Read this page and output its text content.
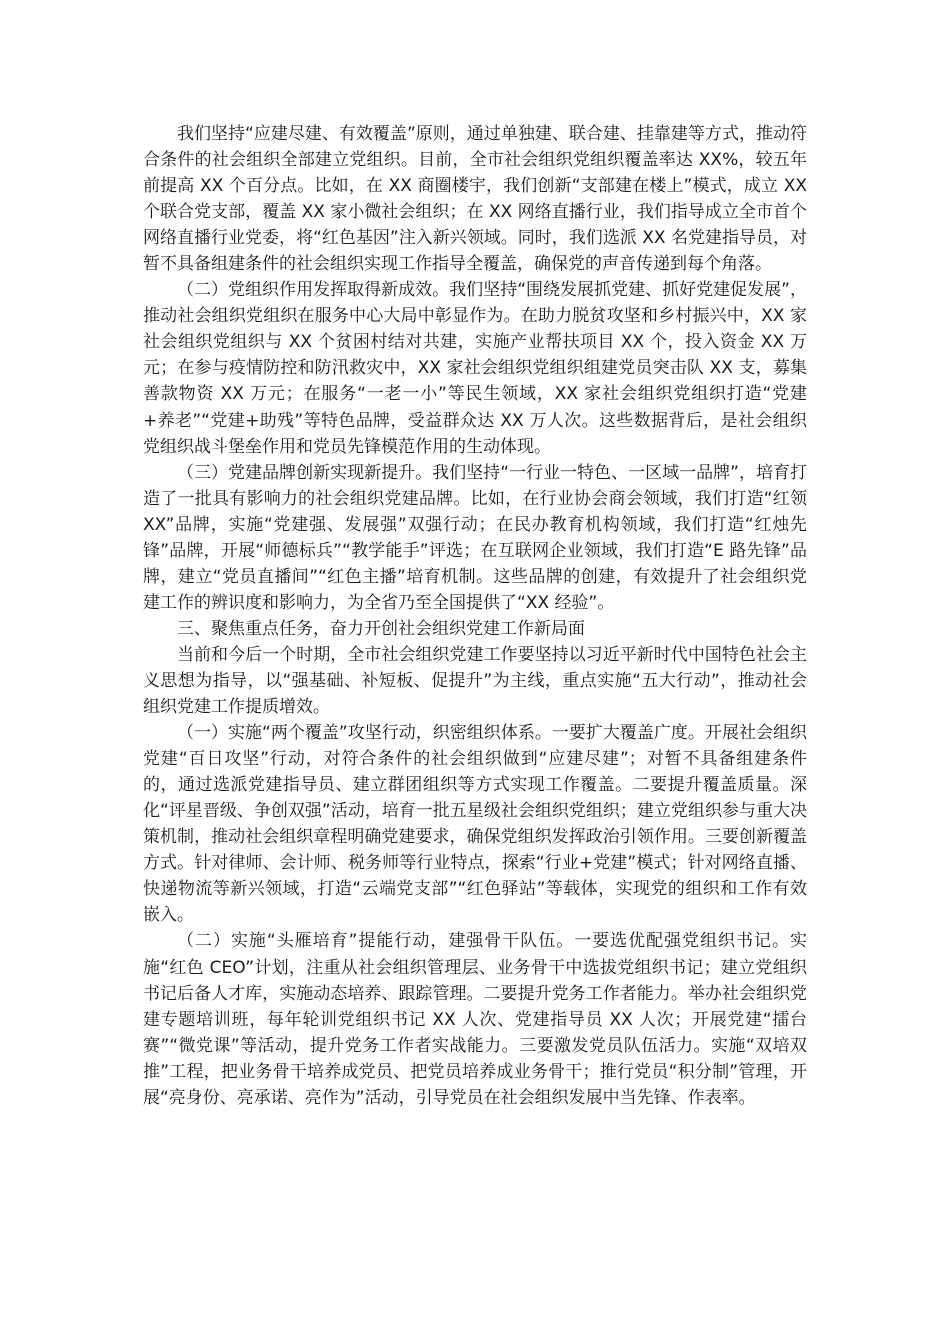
我们坚持“应建尽建、有效覆盖”原则，通过单独建、联合建、挂靠建等方式，推动符合条件的社会组织全部建立党组织。目前，全市社会组织党组织覆盖率达 XX%，较五年前提高 XX 个百分点。比如，在 XX 商圈楼宇，我们创新“支部建在楼上”模式，成立 XX 个联合党支部，覆盖 XX 家小微社会组织；在 XX 网络直播行业，我们指导成立全市首个网络直播行业党委，将“红色基因”注入新兴领域。同时，我们选派 XX 名党建指导员，对暂不具备组建条件的社会组织实现工作指导全覆盖，确保党的声音传递到每个角落。

（二）党组织作用发挥取得新成效。我们坚持“围绕发展抓党建、抓好党建促发展”，推动社会组织党组织在服务中心大局中彰显作为。在助力脱贫攻坚和乡村振兴中，XX 家社会组织党组织与 XX 个贫困村结对共建，实施产业帮扶项目 XX 个，投入资金 XX 万元；在参与疫情防控和防汛救灾中，XX 家社会组织党组织组建党员突击队 XX 支，募集善款物资 XX 万元；在服务“一老一小”等民生领域，XX 家社会组织党组织打造“党建+养老”“党建+助残”等特色品牌，受益群众达 XX 万人次。这些数据背后，是社会组织党组织战斗堡垒作用和党员先锋模范作用的生动体现。

（三）党建品牌创新实现新提升。我们坚持“一行业一特色、一区域一品牌”，培育打造了一批具有影响力的社会组织党建品牌。比如，在行业协会商会领域，我们打造“红领 XX”品牌，实施“党建强、发展强”双强行动；在民办教育机构领域，我们打造“红烛先锋”品牌，开展“师德标兵”“教学能手”评选；在互联网企业领域，我们打造“E 路先锋”品牌，建立“党员直播间”“红色主播”培育机制。这些品牌的创建，有效提升了社会组织党建工作的辨识度和影响力，为全省乃至全国提供了“XX 经验”。

三、聚焦重点任务，奋力开创社会组织党建工作新局面

当前和今后一个时期，全市社会组织党建工作要坚持以习近平新时代中国特色社会主义思想为指导，以“强基础、补短板、促提升”为主线，重点实施“五大行动”，推动社会组织党建工作提质增效。

（一）实施“两个覆盖”攻坚行动，织密组织体系。一要扩大覆盖广度。开展社会组织党建“百日攻坚”行动，对符合条件的社会组织做到“应建尽建”；对暂不具备组建条件的，通过选派党建指导员、建立群团组织等方式实现工作覆盖。二要提升覆盖质量。深化“评星晋级、争创双强”活动，培育一批五星级社会组织党组织；建立党组织参与重大决策机制，推动社会组织章程明确党建要求，确保党组织发挥政治引领作用。三要创新覆盖方式。针对律师、会计师、税务师等行业特点，探索“行业+党建”模式；针对网络直播、快递物流等新兴领域，打造“云端党支部”“红色驿站”等载体，实现党的组织和工作有效嵌入。

（二）实施“头雁培育”提能行动，建强骨干队伍。一要选优配强党组织书记。实施“红色 CEO”计划，注重从社会组织管理层、业务骨干中选拔党组织书记；建立党组织书记后备人才库，实施动态培养、跟踪管理。二要提升党务工作者能力。举办社会组织党建专题培训班，每年轮训党组织书记 XX 人次、党建指导员 XX 人次；开展党建“擂台赛”“微党课”等活动，提升党务工作者实战能力。三要激发党员队伍活力。实施“双培双推”工程，把业务骨干培养成党员、把党员培养成业务骨干；推行党员“积分制”管理，开展“亮身份、亮承诺、亮作为”活动，引导党员在社会组织发展中当先锋、作表率。
